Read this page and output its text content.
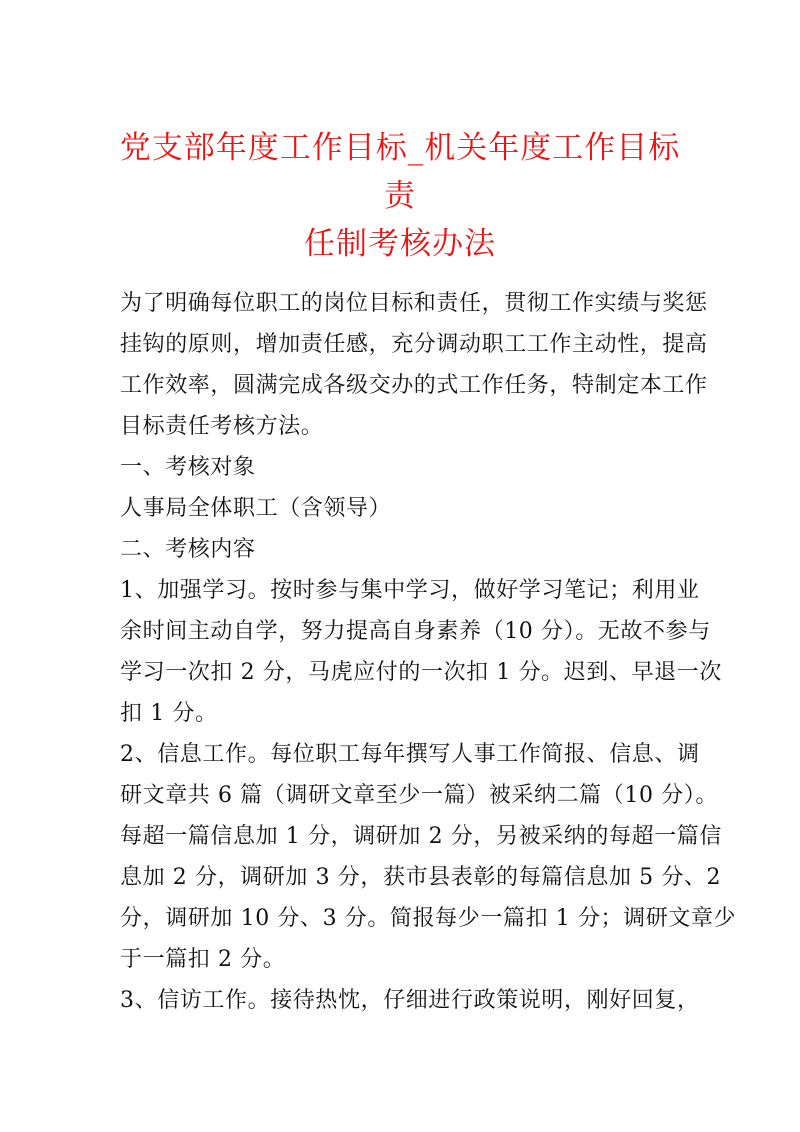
党支部年度工作目标_机关年度工作目标责
任制考核办法

为了明确每位职工的岗位目标和责任，贯彻工作实绩与奖惩
挂钩的原则，增加责任感，充分调动职工工作主动性，提高
工作效率，圆满完成各级交办的式工作任务，特制定本工作
目标责任考核方法。

一、考核对象

人事局全体职工（含领导）

二、考核内容

1、加强学习。按时参与集中学习，做好学习笔记；利用业
余时间主动自学，努力提高自身素养（10 分）。无故不参与
学习一次扣 2 分，马虎应付的一次扣 1 分。迟到、早退一次
扣 1 分。

2、信息工作。每位职工每年撰写人事工作简报、信息、调
研文章共 6 篇（调研文章至少一篇）被采纳二篇（10 分）。
每超一篇信息加 1 分，调研加 2 分，另被采纳的每超一篇信
息加 2 分，调研加 3 分，获市县表彰的每篇信息加 5 分、2
分，调研加 10 分、3 分。简报每少一篇扣 1 分；调研文章少
于一篇扣 2 分。

3、信访工作。接待热忱，仔细进行政策说明，刚好回复，
